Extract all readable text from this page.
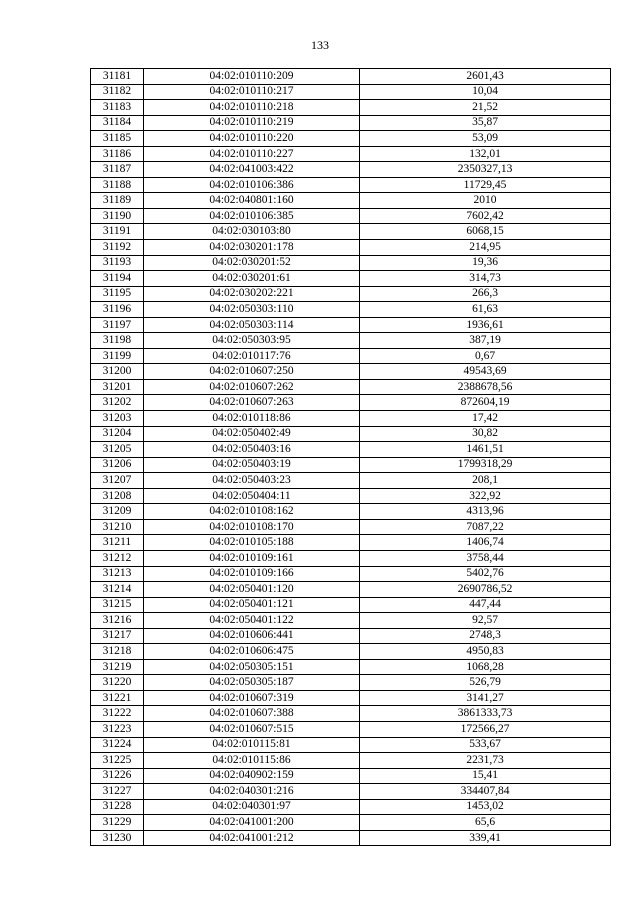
133
31181	04:02:010110:209	2601,43
31182	04:02:010110:217	10,04
31183	04:02:010110:218	21,52
31184	04:02:010110:219	35,87
31185	04:02:010110:220	53,09
31186	04:02:010110:227	132,01
31187	04:02:041003:422	2350327,13
31188	04:02:010106:386	11729,45
31189	04:02:040801:160	2010
31190	04:02:010106:385	7602,42
31191	04:02:030103:80	6068,15
31192	04:02:030201:178	214,95
31193	04:02:030201:52	19,36
31194	04:02:030201:61	314,73
31195	04:02:030202:221	266,3
31196	04:02:050303:110	61,63
31197	04:02:050303:114	1936,61
31198	04:02:050303:95	387,19
31199	04:02:010117:76	0,67
31200	04:02:010607:250	49543,69
31201	04:02:010607:262	2388678,56
31202	04:02:010607:263	872604,19
31203	04:02:010118:86	17,42
31204	04:02:050402:49	30,82
31205	04:02:050403:16	1461,51
31206	04:02:050403:19	1799318,29
31207	04:02:050403:23	208,1
31208	04:02:050404:11	322,92
31209	04:02:010108:162	4313,96
31210	04:02:010108:170	7087,22
31211	04:02:010105:188	1406,74
31212	04:02:010109:161	3758,44
31213	04:02:010109:166	5402,76
31214	04:02:050401:120	2690786,52
31215	04:02:050401:121	447,44
31216	04:02:050401:122	92,57
31217	04:02:010606:441	2748,3
31218	04:02:010606:475	4950,83
31219	04:02:050305:151	1068,28
31220	04:02:050305:187	526,79
31221	04:02:010607:319	3141,27
31222	04:02:010607:388	3861333,73
31223	04:02:010607:515	172566,27
31224	04:02:010115:81	533,67
31225	04:02:010115:86	2231,73
31226	04:02:040902:159	15,41
31227	04:02:040301:216	334407,84
31228	04:02:040301:97	1453,02
31229	04:02:041001:200	65,6
31230	04:02:041001:212	339,41
